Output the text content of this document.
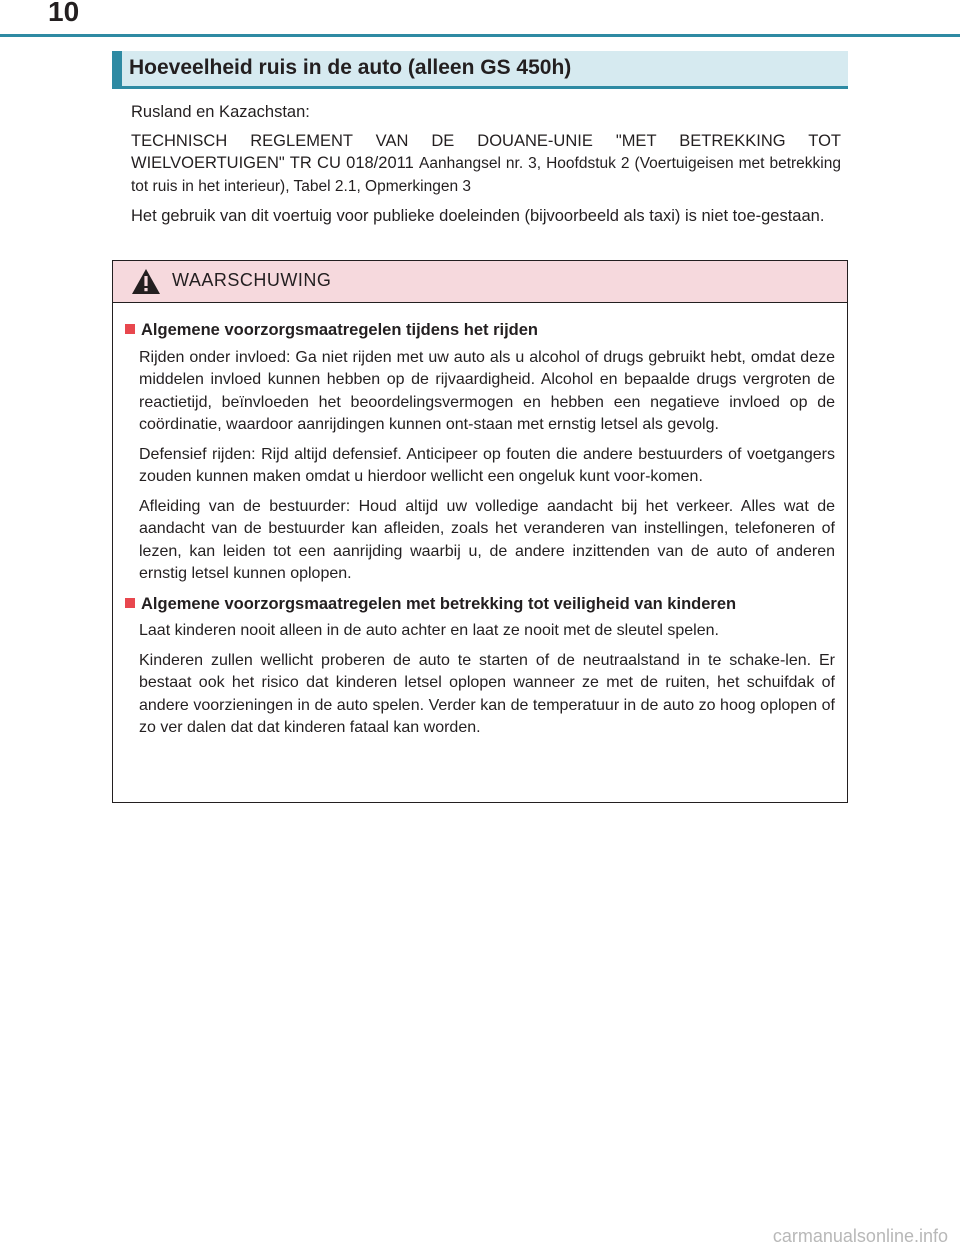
10
Hoeveelheid ruis in de auto (alleen GS 450h)

Rusland en Kazachstan:

TECHNISCH REGLEMENT VAN DE DOUANE-UNIE "MET BETREKKING TOT WIELVOERTUIGEN" TR CU 018/2011 Aanhangsel nr. 3, Hoofdstuk 2 (Voertuigeisen met betrekking tot ruis in het interieur), Tabel 2.1, Opmerkingen 3

Het gebruik van dit voertuig voor publieke doeleinden (bijvoorbeeld als taxi) is niet toe-gestaan.

WAARSCHUWING
Algemene voorzorgsmaatregelen tijdens het rijden

Rijden onder invloed: Ga niet rijden met uw auto als u alcohol of drugs gebruikt hebt, omdat deze middelen invloed kunnen hebben op de rijvaardigheid. Alcohol en bepaalde drugs vergroten de reactietijd, beïnvloeden het beoordelingsvermogen en hebben een negatieve invloed op de coördinatie, waardoor aanrijdingen kunnen ont-staan met ernstig letsel als gevolg.

Defensief rijden: Rijd altijd defensief. Anticipeer op fouten die andere bestuurders of voetgangers zouden kunnen maken omdat u hierdoor wellicht een ongeluk kunt voor-komen.

Afleiding van de bestuurder: Houd altijd uw volledige aandacht bij het verkeer. Alles wat de aandacht van de bestuurder kan afleiden, zoals het veranderen van instellingen, telefoneren of lezen, kan leiden tot een aanrijding waarbij u, de andere inzittenden van de auto of anderen ernstig letsel kunnen oplopen.

Algemene voorzorgsmaatregelen met betrekking tot veiligheid van kinderen

Laat kinderen nooit alleen in de auto achter en laat ze nooit met de sleutel spelen.

Kinderen zullen wellicht proberen de auto te starten of de neutraalstand in te schake-len. Er bestaat ook het risico dat kinderen letsel oplopen wanneer ze met de ruiten, het schuifdak of andere voorzieningen in de auto spelen. Verder kan de temperatuur in de auto zo hoog oplopen of zo ver dalen dat dat kinderen fataal kan worden.

carmanualsonline.info
